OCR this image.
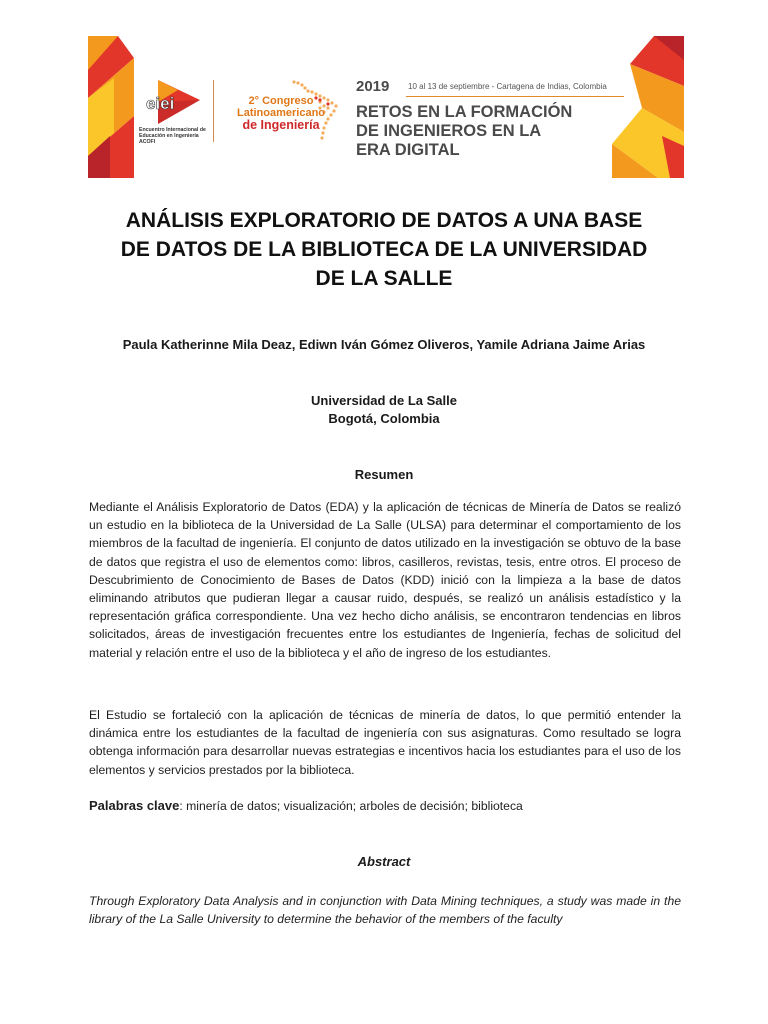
eiei
Encuentro Internacional de Educación en Ingeniería ACOFI
2° Congreso
Latinoamericano
de Ingeniería
2019 10 al 13 de septiembre - Cartagena de Indias, Colombia
RETOS EN LA FORMACIÓN
DE INGENIEROS EN LA
ERA DIGITAL
ANÁLISIS EXPLORATORIO DE DATOS A UNA BASE
DE DATOS DE LA BIBLIOTECA DE LA UNIVERSIDAD
DE LA SALLE
Paula Katherinne Mila Deaz, Ediwn Iván Gómez Oliveros, Yamile Adriana Jaime Arias
Universidad de La Salle
Bogotá, Colombia
Resumen

Mediante el Análisis Exploratorio de Datos (EDA) y la aplicación de técnicas de Minería de Datos se realizó un estudio en la biblioteca de la Universidad de La Salle (ULSA) para determinar el comportamiento de los miembros de la facultad de ingeniería. El conjunto de datos utilizado en la investigación se obtuvo de la base de datos que registra el uso de elementos como: libros, casilleros, revistas, tesis, entre otros. El proceso de Descubrimiento de Conocimiento de Bases de Datos (KDD) inició con la limpieza a la base de datos eliminando atributos que pudieran llegar a causar ruido, después, se realizó un análisis estadístico y la representación gráfica correspondiente. Una vez hecho dicho análisis, se encontraron tendencias en libros solicitados, áreas de investigación frecuentes entre los estudiantes de Ingeniería, fechas de solicitud del material y relación entre el uso de la biblioteca y el año de ingreso de los estudiantes.

El Estudio se fortaleció con la aplicación de técnicas de minería de datos, lo que permitió entender la dinámica entre los estudiantes de la facultad de ingeniería con sus asignaturas. Como resultado se logra obtenga información para desarrollar nuevas estrategias e incentivos hacia los estudiantes para el uso de los elementos y servicios prestados por la biblioteca.

Palabras clave: minería de datos; visualización; arboles de decisión; biblioteca

Abstract

Through Exploratory Data Analysis and in conjunction with Data Mining techniques, a study was made in the library of the La Salle University to determine the behavior of the members of the faculty
